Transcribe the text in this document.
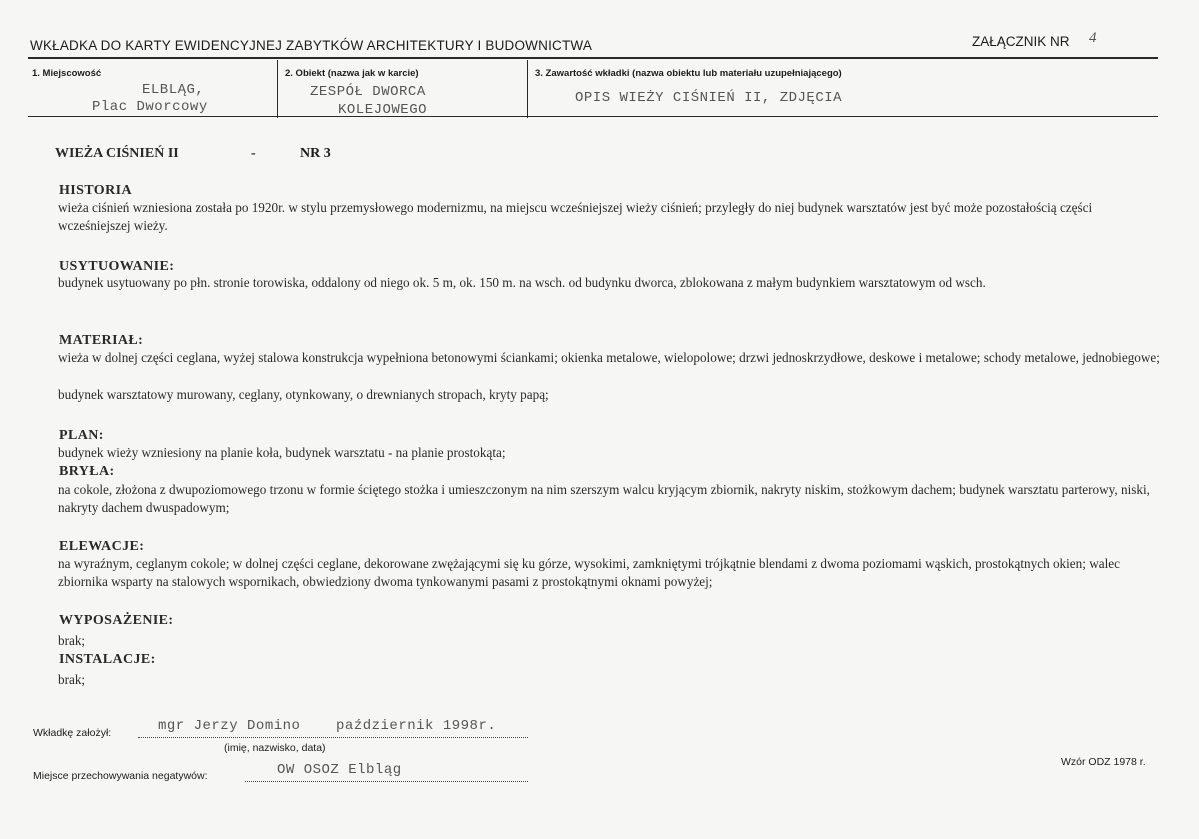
WKŁADKA DO KARTY EWIDENCYJNEJ ZABYTKÓW ARCHITEKTURY I BUDOWNICTWA	ZAŁĄCZNIK NR 4
1. Miejscowość
ELBLĄG,
Plac Dworcowy
2. Obiekt (nazwa jak w karcie)
ZESPÓŁ DWORCA
KOLEJOWEGO
3. Zawartość wkładki (nazwa obiektu lub materiału uzupełniającego)
OPIS WIEŻY CIŚNIEŃ II, ZDJĘCIA
WIEŻA CIŚNIEŃ II	-	NR 3
HISTORIA
wieża ciśnień wzniesiona została po 1920r. w stylu przemysłowego modernizmu, na miejscu wcześniejszej wieży ciśnień; przyległy do niej budynek warsztatów jest być może pozostałością części wcześniejszej wieży.
USYTUOWANIE:
budynek usytuowany po płn. stronie torowiska, oddalony od niego ok. 5 m, ok. 150 m. na wsch. od budynku dworca, zblokowana z małym budynkiem warsztatowym od wsch.
MATERIAŁ:
wieża w dolnej części ceglana, wyżej stalowa konstrukcja wypełniona betonowymi ściankami; okienka metalowe, wielopolowe; drzwi jednoskrzydłowe, deskowe i metalowe; schody metalowe, jednobiegowe;
budynek warsztatowy murowany, ceglany, otynkowany, o drewnianych stropach, kryty papą;
PLAN:
budynek wieży wzniesiony na planie koła, budynek warsztatu - na planie prostokąta;
BRYŁA:
na cokole, złożona z dwupoziomowego trzonu w formie ściętego stożka i umieszczonym na nim szerszym walcu kryjącym zbiornik, nakryty niskim, stożkowym dachem; budynek warsztatu parterowy, niski, nakryty dachem dwuspadowym;
ELEWACJE:
na wyraźnym, ceglanym cokole; w dolnej części ceglane, dekorowane zwężającymi się ku górze, wysokimi, zamkniętymi trójkątnie blendami z dwoma poziomami wąskich, prostokątnych okien; walec zbiornika wsparty na stalowych wspornikach, obwiedziony dwoma tynkowanymi pasami z prostokątnymi oknami powyżej;
WYPOSAŻENIE:
brak;
INSTALACJE:
brak;
Wkładkę założył:	mgr Jerzy Domino    październik 1998r.
(imię, nazwisko, data)
Miejsce przechowywania negatywów:	OW OSOZ Elbląg	Wzór ODZ 1978 r.
